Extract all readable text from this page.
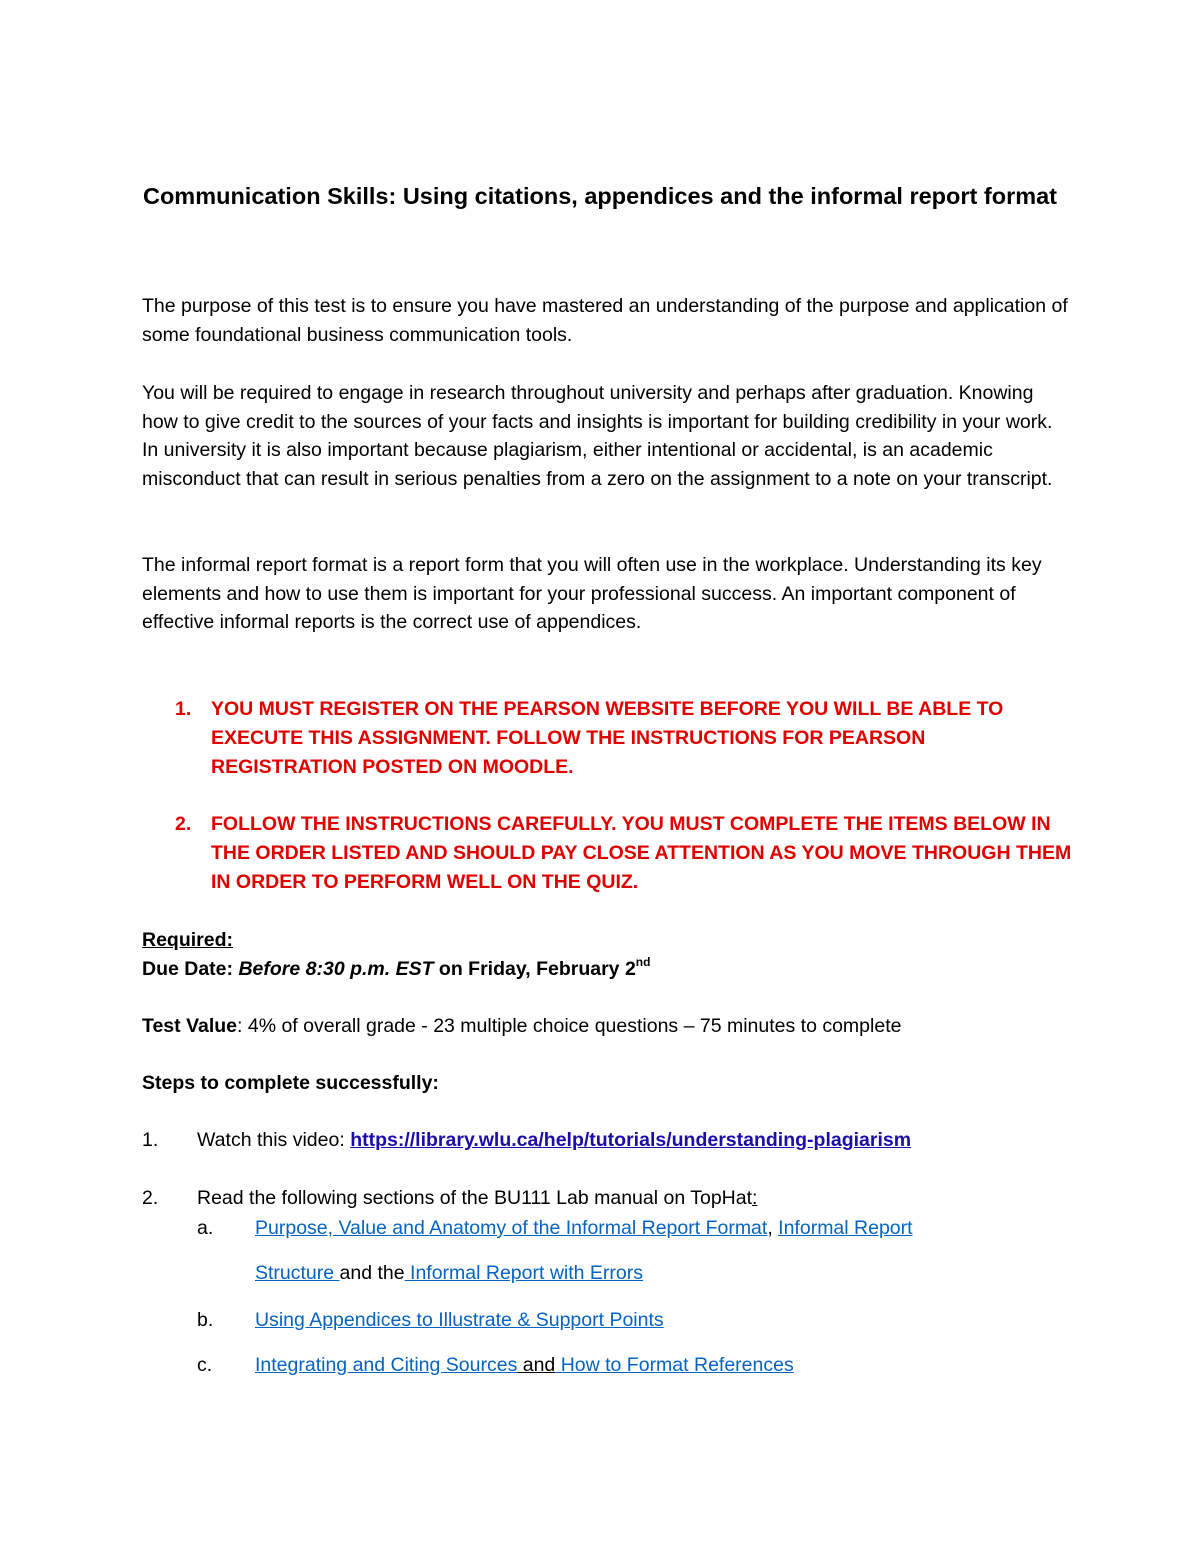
Communication Skills: Using citations, appendices and the informal report format

The purpose of this test is to ensure you have mastered an understanding of the purpose and application of some foundational business communication tools.

You will be required to engage in research throughout university and perhaps after graduation. Knowing how to give credit to the sources of your facts and insights is important for building credibility in your work. In university it is also important because plagiarism, either intentional or accidental, is an academic misconduct that can result in serious penalties from a zero on the assignment to a note on your transcript.

The informal report format is a report form that you will often use in the workplace. Understanding its key elements and how to use them is important for your professional success. An important component of effective informal reports is the correct use of appendices.

1. YOU MUST REGISTER ON THE PEARSON WEBSITE BEFORE YOU WILL BE ABLE TO EXECUTE THIS ASSIGNMENT. FOLLOW THE INSTRUCTIONS FOR PEARSON REGISTRATION POSTED ON MOODLE.
2. FOLLOW THE INSTRUCTIONS CAREFULLY. YOU MUST COMPLETE THE ITEMS BELOW IN THE ORDER LISTED AND SHOULD PAY CLOSE ATTENTION AS YOU MOVE THROUGH THEM IN ORDER TO PERFORM WELL ON THE QUIZ.

Required:

Due Date: Before 8:30 p.m. EST on Friday, February 2nd

Test Value: 4% of overall grade - 23 multiple choice questions – 75 minutes to complete

Steps to complete successfully:

1. Watch this video: https://library.wlu.ca/help/tutorials/understanding-plagiarism
2. Read the following sections of the BU111 Lab manual on TopHat:
a. Purpose, Value and Anatomy of the Informal Report Format, Informal Report
Structure and the Informal Report with Errors
b. Using Appendices to Illustrate & Support Points
c. Integrating and Citing Sources and How to Format References
